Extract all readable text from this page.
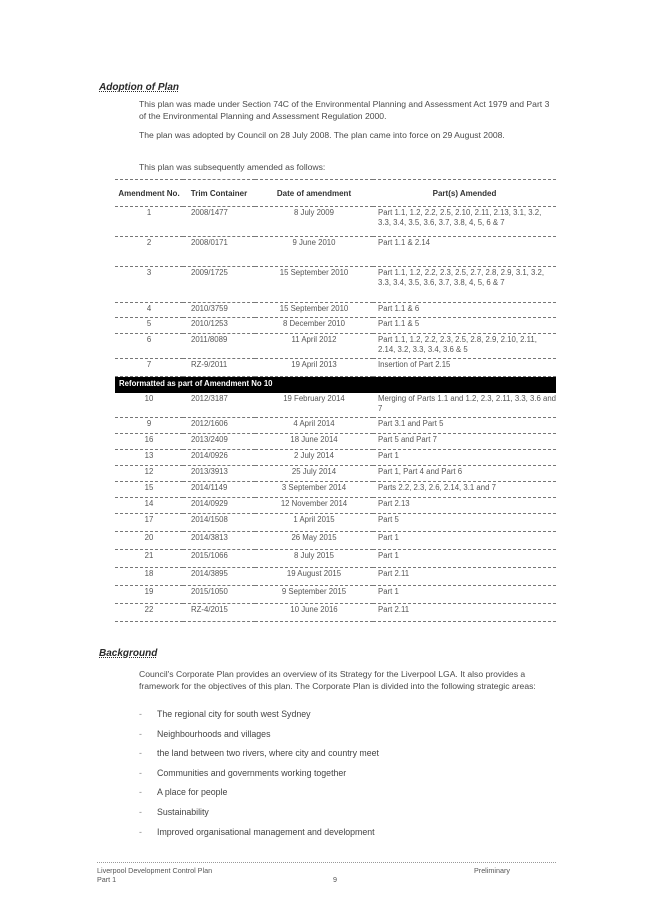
Adoption of Plan
This plan was made under Section 74C of the Environmental Planning and Assessment Act 1979 and Part 3 of the Environmental Planning and Assessment Regulation 2000.
The plan was adopted by Council on 28 July 2008. The plan came into force on 29 August 2008.
This plan was subsequently amended as follows:
Amendment No.	Trim Container	Date of amendment	Part(s) Amended
1	2008/1477	8 July 2009	Part 1.1, 1.2, 2.2, 2.5, 2.10, 2.11, 2.13, 3.1, 3.2, 3.3, 3.4, 3.5, 3.6, 3.7, 3.8, 4, 5, 6 & 7
2	2008/0171	9 June 2010	Part 1.1 & 2.14
3	2009/1725	15 September 2010	Part 1.1, 1.2, 2.2, 2.3, 2.5, 2.7, 2.8, 2.9, 3.1, 3.2, 3.3, 3.4, 3.5, 3.6, 3.7, 3.8, 4, 5, 6 & 7
4	2010/3759	15 September 2010	Part 1.1 & 6
5	2010/1253	8 December 2010	Part 1.1 & 5
6	2011/8089	11 April 2012	Part 1.1, 1.2, 2.2, 2.3, 2.5, 2.8, 2.9, 2.10, 2.11, 2.14, 3.2, 3.3, 3.4, 3.6 & 5
7	RZ-9/2011	19 April 2013	Insertion of Part 2.15
Reformatted as part of Amendment No 10			
10	2012/3187	19 February 2014	Merging of Parts 1.1 and 1.2, 2.3, 2.11, 3.3, 3.6 and 7
9	2012/1606	4 April 2014	Part 3.1 and Part 5
16	2013/2409	18 June 2014	Part 5 and Part 7
13	2014/0926	2 July 2014	Part 1
12	2013/3913	25 July 2014	Part 1, Part 4 and Part 6
15	2014/1149	3 September 2014	Parts 2.2, 2.3, 2.6, 2.14, 3.1 and 7
14	2014/0929	12 November 2014	Part 2.13
17	2014/1508	1 April 2015	Part 5
20	2014/3813	26 May 2015	Part 1
21	2015/1066	8 July 2015	Part 1
18	2014/3895	19 August 2015	Part 2.11
19	2015/1050	9 September 2015	Part 1
22	RZ-4/2015	10 June 2016	Part 2.11
Background
Council's Corporate Plan provides an overview of its Strategy for the Liverpool LGA. It also provides a framework for the objectives of this plan. The Corporate Plan is divided into the following strategic areas:
- The regional city for south west Sydney
- Neighbourhoods and villages
- the land between two rivers, where city and country meet
- Communities and governments working together
- A place for people
- Sustainability
- Improved organisational management and development
Liverpool Development Control Plan
Part 1	9
Preliminary
